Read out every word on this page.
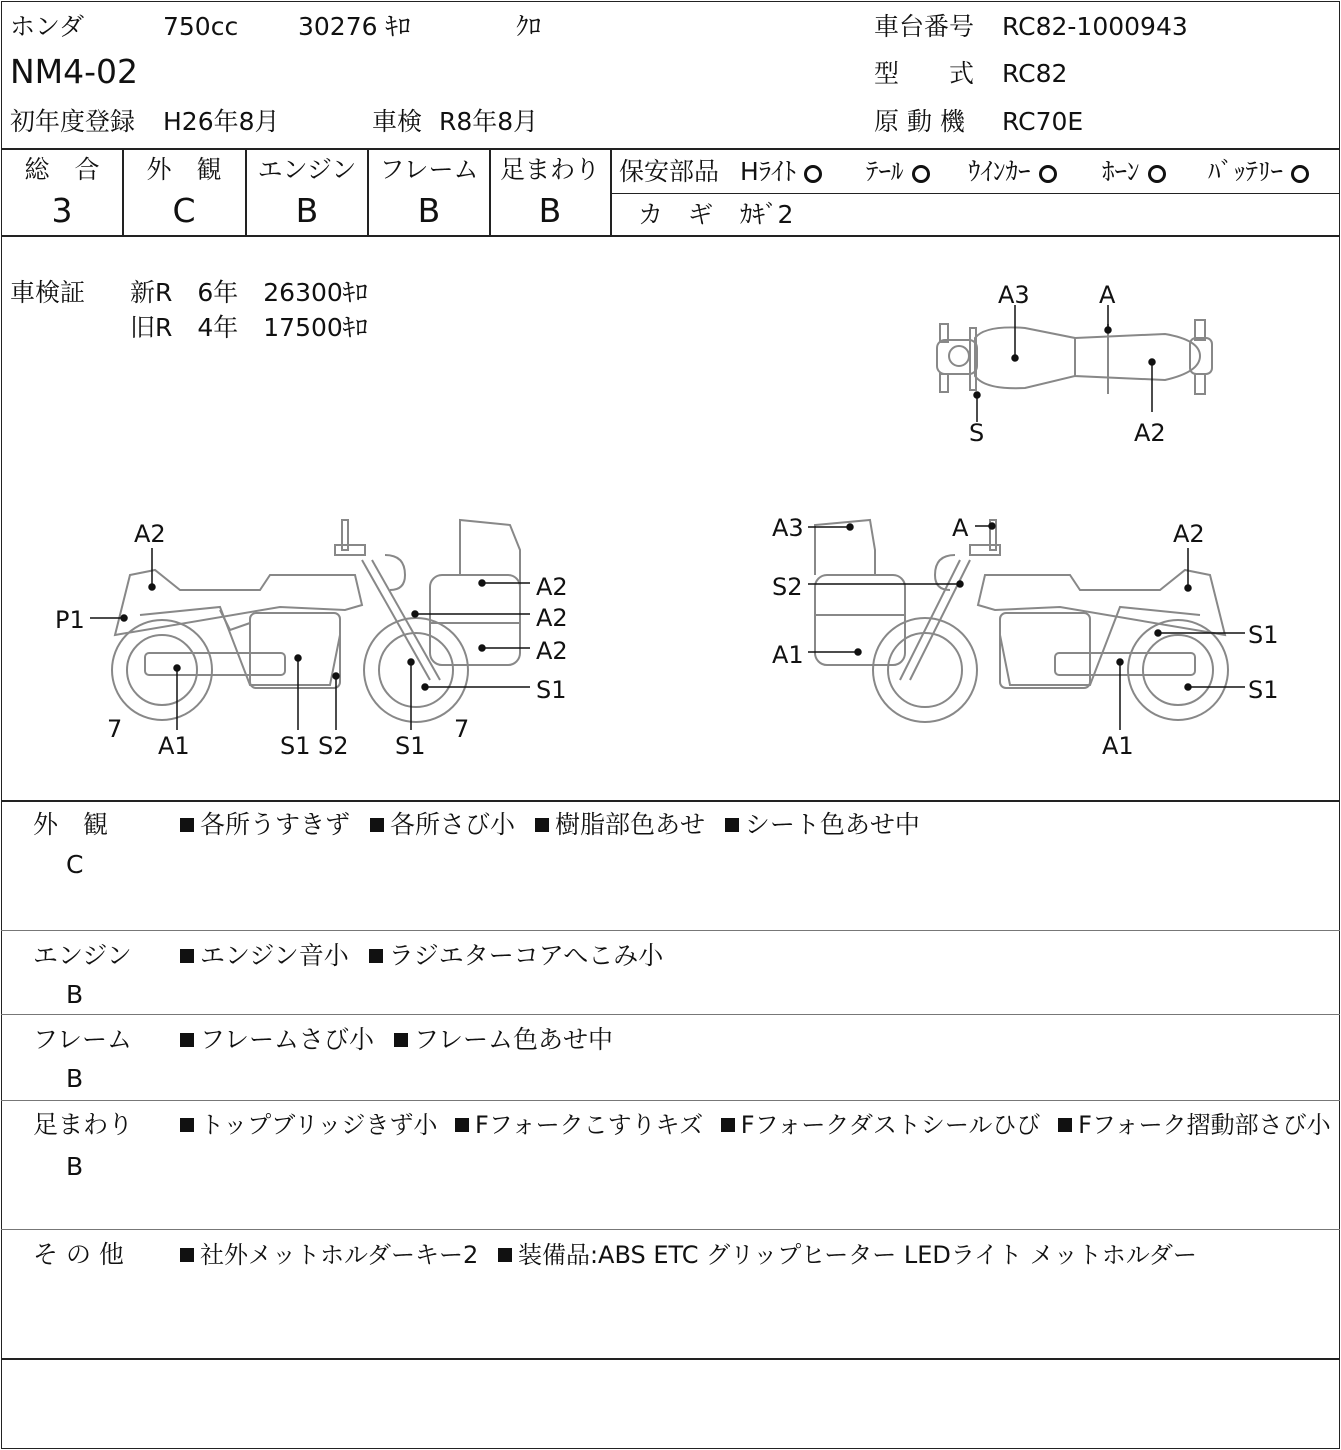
ホンダ	750cc 30276 ｷﾛ	ｸﾛ
NM4-02
初年度登録 H26年8月	車検 R8年8月
車台番号 RC82-1000943
型　　式 RC82
原 動 機 RC70E
総　合	外　観	エンジン フレーム 足まわり
3	C	B	B	B
保安部品 Hﾗｲﾄ	ﾃｰﾙ	ｳｲﾝｶｰ	ﾎｰﾝ	ﾊﾞｯﾃﾘｰ
カ　ギ ｶｷﾞ2
車検証 新R　6年　26300ｷﾛ
旧R　4年　17500ｷﾛ
A3	A
S	A2
A2
P1
A2
A2
A2
S1
7
A1	S1 S2 S1
7
A3	A	A2
S2
A1
S1
S1
A1
外　観
C
各所うすきず 各所さび小 樹脂部色あせ シート色あせ中
エンジン
B
エンジン音小 ラジエターコアへこみ小
フレーム
B
フレームさび小 フレーム色あせ中
足まわり
B
トップブリッジきず小 Fフォークこすりキズ Fフォークダストシールひび Fフォーク摺動部さび小
そ の 他	社外メットホルダーキー2 装備品:ABS ETC グリップヒーター LEDライト メットホルダー
